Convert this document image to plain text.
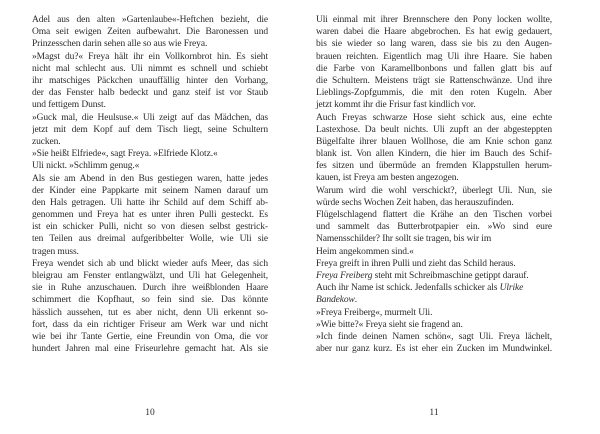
Adel aus den alten »Gartenlaube«-Heftchen bezieht, die
Oma seit ewigen Zeiten aufbewahrt. Die Baronessen und
Prinzesschen darin sehen alle so aus wie Freya.
»Magst du?« Freya hält ihr ein Vollkornbrot hin. Es sieht
nicht mal schlecht aus. Uli nimmt es schnell und schiebt
ihr matschiges Päckchen unauffällig hinter den Vorhang,
der das Fenster halb bedeckt und ganz steif ist vor Staub
und fettigem Dunst.
»Guck mal, die Heulsuse.« Uli zeigt auf das Mädchen, das
jetzt mit dem Kopf auf dem Tisch liegt, seine Schultern
zucken.
»Sie heißt Elfriede«, sagt Freya. »Elfriede Klotz.«
Uli nickt. »Schlimm genug.«
Als sie am Abend in den Bus gestiegen waren, hatte jedes
der Kinder eine Pappkarte mit seinem Namen darauf um
den Hals getragen. Uli hatte ihr Schild auf dem Schiff ab-
genommen und Freya hat es unter ihren Pulli gesteckt. Es
ist ein schicker Pulli, nicht so von diesen selbst gestrick-
ten Teilen aus dreimal aufgeribbelter Wolle, wie Uli sie
tragen muss.
Freya wendet sich ab und blickt wieder aufs Meer, das sich
bleigrau am Fenster entlangwälzt, und Uli hat Gelegenheit,
sie in Ruhe anzuschauen. Durch ihre weißblonden Haare
schimmert die Kopfhaut, so fein sind sie. Das könnte
hässlich aussehen, tut es aber nicht, denn Uli erkennt so-
fort, dass da ein richtiger Friseur am Werk war und nicht
wie bei ihr Tante Gertie, eine Freundin von Oma, die vor
hundert Jahren mal eine Friseurlehre gemacht hat. Als sie
10
Uli einmal mit ihrer Brennschere den Pony locken wollte,
waren dabei die Haare abgebrochen. Es hat ewig gedauert,
bis sie wieder so lang waren, dass sie bis zu den Augen-
brauen reichten. Eigentlich mag Uli ihre Haare. Sie haben
die Farbe von Karamellbonbons und fallen glatt bis auf
die Schultern. Meistens trägt sie Rattenschwänze. Und ihre
Lieblings-Zopfgummis, die mit den roten Kugeln. Aber
jetzt kommt ihr die Frisur fast kindlich vor.
Auch Freyas schwarze Hose sieht schick aus, eine echte
Lastexhose. Da beult nichts. Uli zupft an der abgesteppten
Bügelfalte ihrer blauen Wollhose, die am Knie schon ganz
blank ist. Von allen Kindern, die hier im Bauch des Schif-
fes sitzen und übermüde an fremden Klappstullen herum-
kauen, ist Freya am besten angezogen.
Warum wird die wohl verschickt?, überlegt Uli. Nun, sie
würde sechs Wochen Zeit haben, das herauszufinden.
Flügelschlagend flattert die Krähe an den Tischen vorbei
und sammelt das Butterbrotpapier ein. »Wo sind eure
Namensschilder? Ihr sollt sie tragen, bis wir im
Heim angekommen sind.«
Freya greift in ihren Pulli und zieht das Schild heraus.
Freya Freiberg steht mit Schreibmaschine getippt darauf.
Auch ihr Name ist schick. Jedenfalls schicker als Ulrike
Bandekow.
»Freya Freiberg«, murmelt Uli.
»Wie bitte?« Freya sieht sie fragend an.
»Ich finde deinen Namen schön«, sagt Uli. Freya lächelt,
aber nur ganz kurz. Es ist eher ein Zucken im Mundwinkel.
11
